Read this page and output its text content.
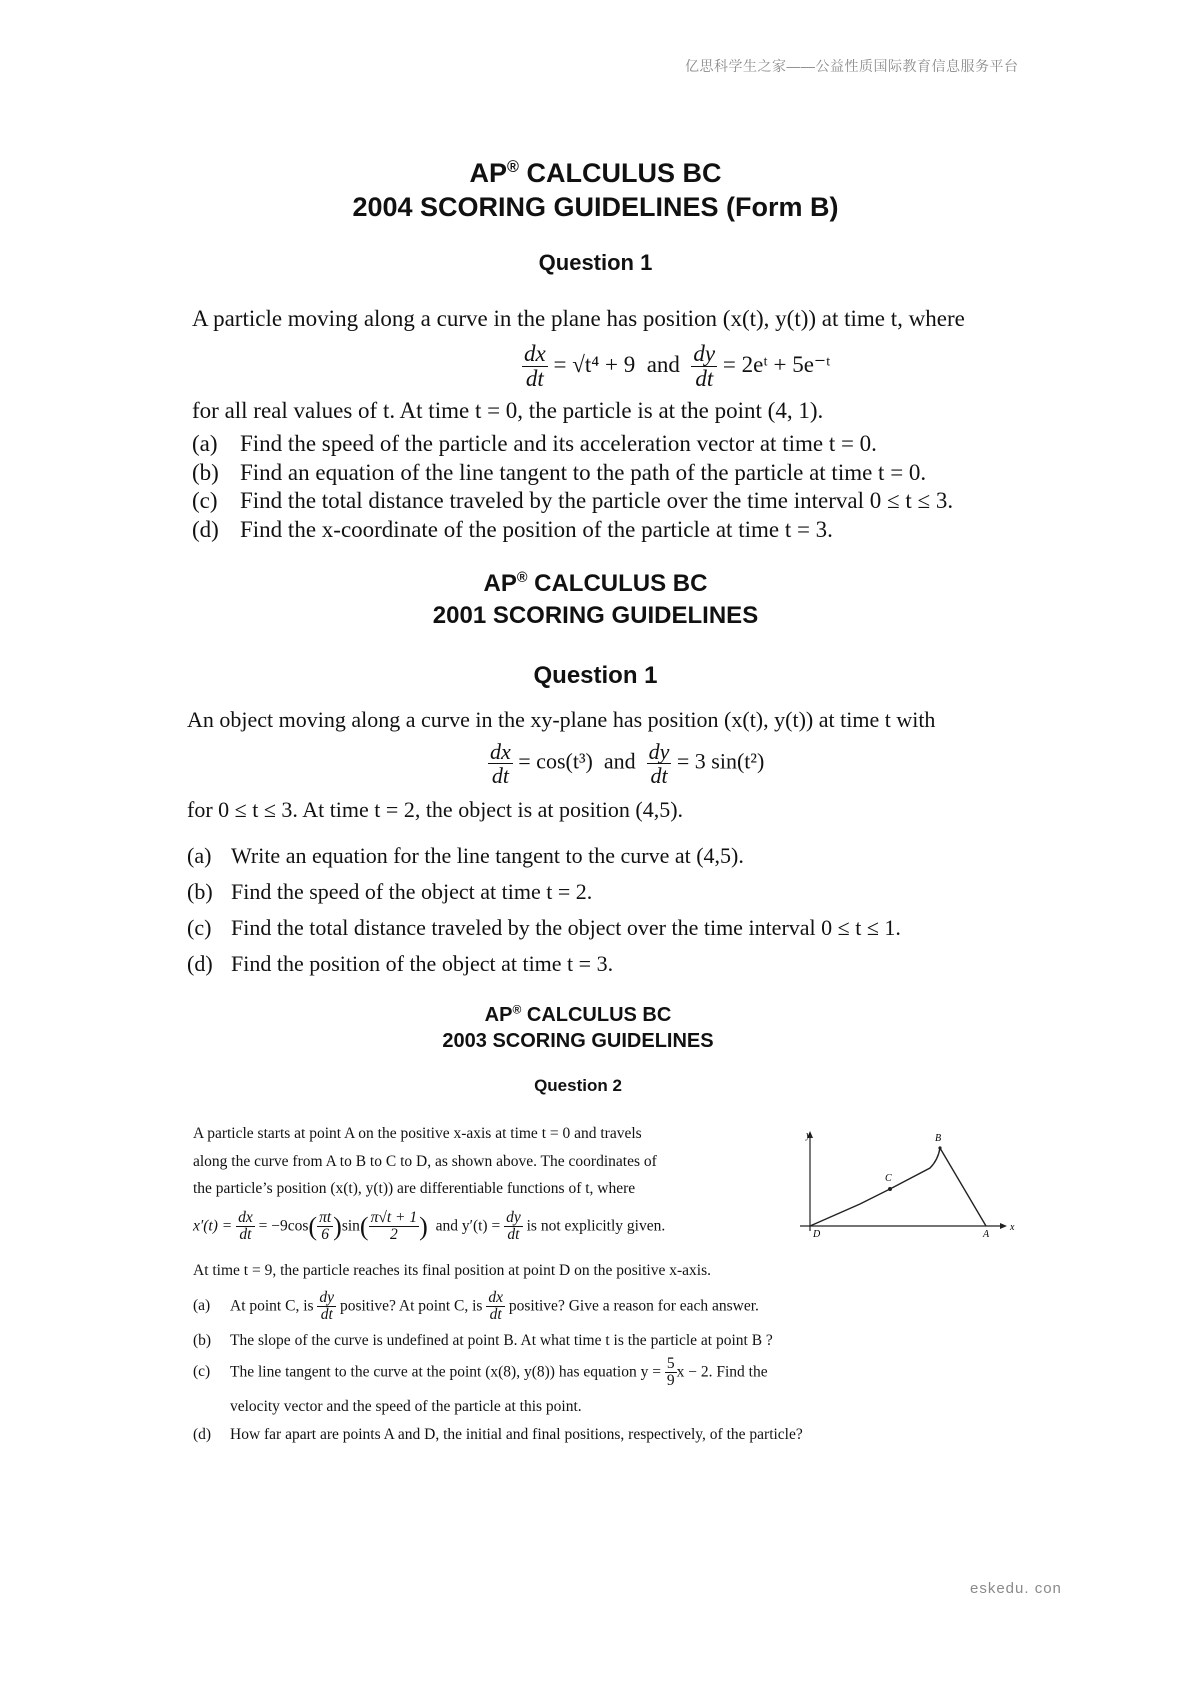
亿思科学生之家——公益性质国际教育信息服务平台
eskedu. con
AP® CALCULUS BC
2004 SCORING GUIDELINES (Form B)
Question 1
A particle moving along a curve in the plane has position (x(t), y(t)) at time t, where
$\frac{dx}{dt} = √t^4 + 9$ and $\frac{dy}{dt}$ = 2eᵗ + 5e⁻ᵗ
for all real values of t. At time t = 0, the particle is at the point (4, 1).
(a) Find the speed of the particle and its acceleration vector at time t = 0.
(b) Find an equation of the line tangent to the path of the particle at time t = 0.
(c) Find the total distance traveled by the particle over the time interval 0 ≤ t ≤ 3.
(d) Find the x-coordinate of the position of the particle at time t = 3.
AP® CALCULUS BC
2001 SCORING GUIDELINES
Question 1
An object moving along a curve in the xy-plane has position (x(t), y(t)) at time t with
$\frac{dx}{dt} = \cos(t^3)$ and $\frac{dy}{dt} = 3$ sin(t²)
for 0 ≤ t ≤ 3. At time t = 2, the object is at position (4,5).
(a) Write an equation for the line tangent to the curve at (4,5).
(b) Find the speed of the object at time t = 2.
(c) Find the total distance traveled by the object over the time interval 0 ≤ t ≤ 1.
(d) Find the position of the object at time t = 3.
AP® CALCULUS BC
2003 SCORING GUIDELINES
Question 2
A particle starts at point A on the positive x-axis at time t = 0 and travels
along the curve from A to B to C to D, as shown above. The coordinates of
the particle’s position (x(t), y(t)) are differentiable functions of t, where
$x'(t) = \frac{dx}{dt} = -9\cos( \frac{\pi t}{6} )\sin( \frac{\pi√t + 1}{2}$ ) and $y'(t) = \frac{dy}{dt}$ is not explicitly given.
At time t = 9, the particle reaches its final position at point D on the positive x-axis.
(a) At point C, is $\frac{dy}{dt}$ positive? At point C, is $\frac{dx}{dt}$ positive? Give a reason for each answer.
(b) The slope of the curve is undefined at point B. At what time t is the particle at point B ?
(c) The line tangent to the curve at the point (x(8), y(8)) has equation $y = \frac{5}{9}$ x − 2. Find the
velocity vector and the speed of the particle at this point.
(d) How far apart are points A and D, the initial and final positions, respectively, of the particle?
y
x
B
C
D	A
